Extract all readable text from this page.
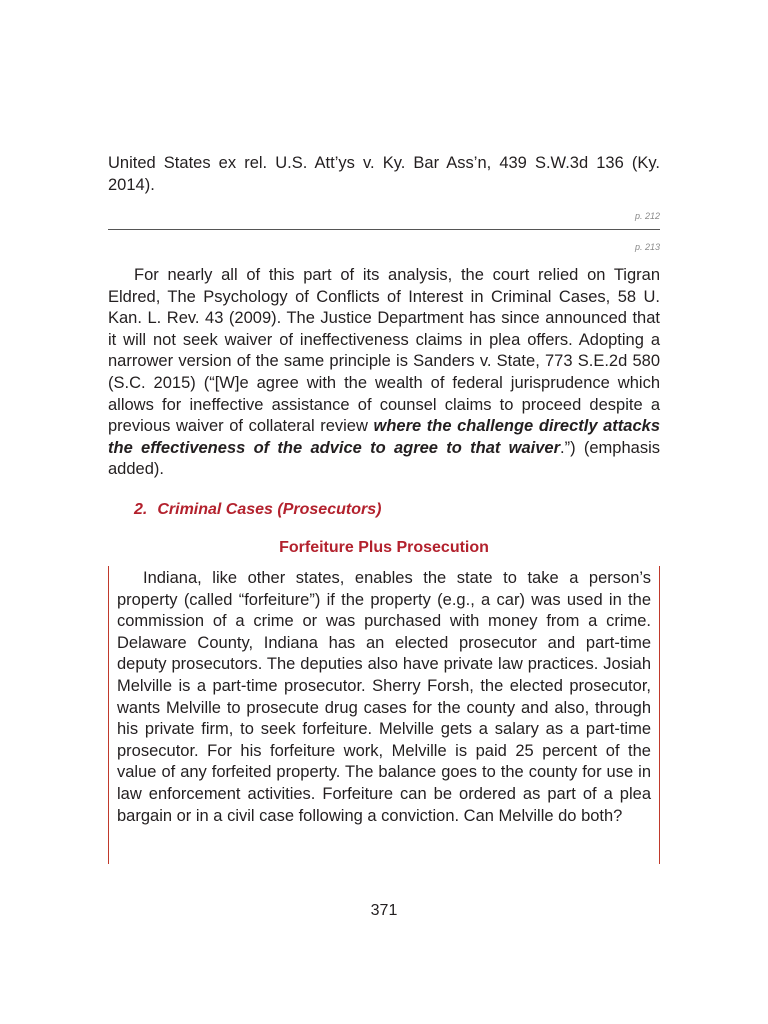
United States ex rel. U.S. Att’ys v. Ky. Bar Ass’n, 439 S.W.3d 136 (Ky. 2014).
p. 212
p. 213
For nearly all of this part of its analysis, the court relied on Tigran Eldred, The Psychology of Conflicts of Interest in Criminal Cases, 58 U. Kan. L. Rev. 43 (2009). The Justice Department has since announced that it will not seek waiver of ineffectiveness claims in plea offers. Adopting a narrower version of the same principle is Sanders v. State, 773 S.E.2d 580 (S.C. 2015) (“[W]e agree with the wealth of federal jurisprudence which allows for ineffective assistance of counsel claims to proceed despite a previous waiver of collateral review where the challenge directly attacks the effectiveness of the advice to agree to that waiver.”) (emphasis added).
2. Criminal Cases (Prosecutors)
Forfeiture Plus Prosecution
Indiana, like other states, enables the state to take a person’s property (called “forfeiture”) if the property (e.g., a car) was used in the commission of a crime or was purchased with money from a crime. Delaware County, Indiana has an elected prosecutor and part-time deputy prosecutors. The deputies also have private law practices. Josiah Melville is a part-time prosecutor. Sherry Forsh, the elected prosecutor, wants Melville to prosecute drug cases for the county and also, through his private firm, to seek forfeiture. Melville gets a salary as a part-time prosecutor. For his forfeiture work, Melville is paid 25 percent of the value of any forfeited property. The balance goes to the county for use in law enforcement activities. Forfeiture can be ordered as part of a plea bargain or in a civil case following a conviction. Can Melville do both?
371
